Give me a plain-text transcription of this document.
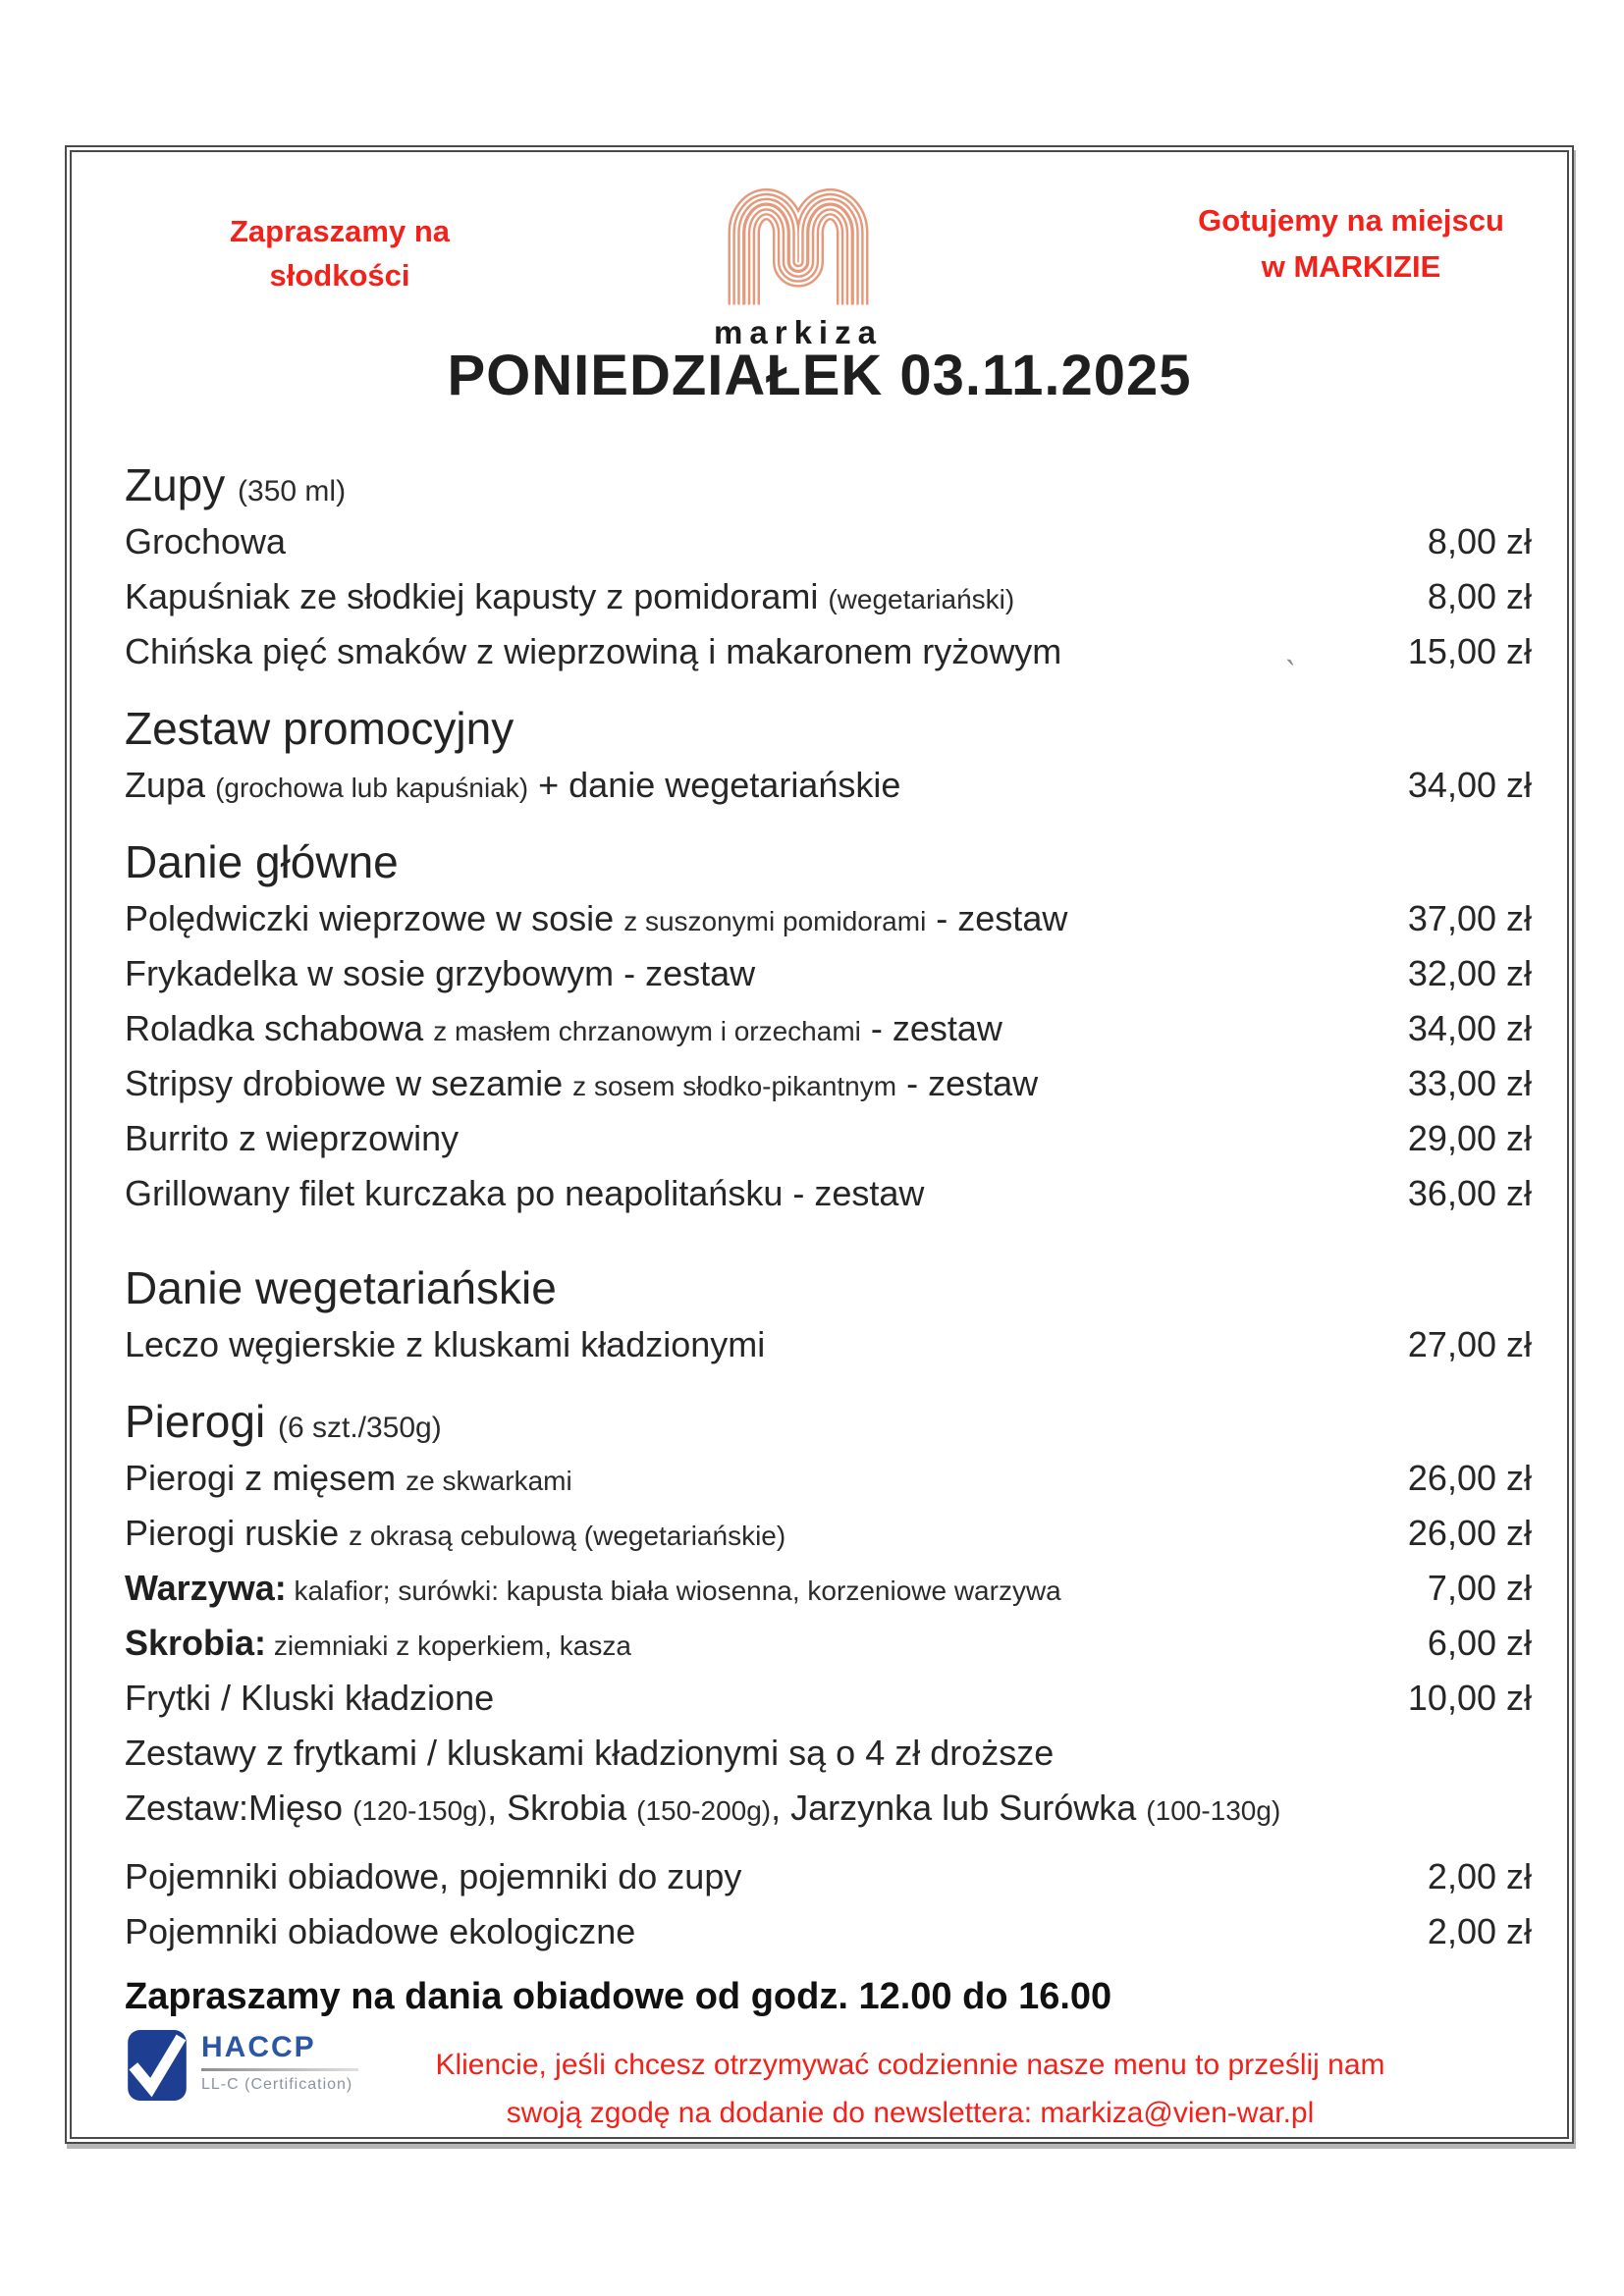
Zapraszamy na
słodkości
markiza
Gotujemy na miejscu
w MARKIZIE
PONIEDZIAŁEK 03.11.2025
`
Zupy (350 ml)
Grochowa	8,00 zł
Kapuśniak ze słodkiej kapusty z pomidorami (wegetariański)	8,00 zł
Chińska pięć smaków z wieprzowiną i makaronem ryżowym	15,00 zł
Zestaw promocyjny
Zupa (grochowa lub kapuśniak) + danie wegetariańskie	34,00 zł
Danie główne
Polędwiczki wieprzowe w sosie z suszonymi pomidorami - zestaw	37,00 zł
Frykadelka w sosie grzybowym - zestaw	32,00 zł
Roladka schabowa z masłem chrzanowym i orzechami - zestaw	34,00 zł
Stripsy drobiowe w sezamie z sosem słodko-pikantnym - zestaw	33,00 zł
Burrito z wieprzowiny	29,00 zł
Grillowany filet kurczaka po neapolitańsku - zestaw	36,00 zł
Danie wegetariańskie
Leczo węgierskie z kluskami kładzionymi	27,00 zł
Pierogi (6 szt./350g)
Pierogi z mięsem ze skwarkami	26,00 zł
Pierogi ruskie z okrasą cebulową (wegetariańskie)	26,00 zł
Warzywa: kalafior; surówki: kapusta biała wiosenna, korzeniowe warzywa	7,00 zł
Skrobia: ziemniaki z koperkiem, kasza	6,00 zł
Frytki / Kluski kładzione	10,00 zł
Zestawy z frytkami / kluskami kładzionymi są o 4 zł droższe
Zestaw:Mięso (120-150g), Skrobia (150-200g), Jarzynka lub Surówka (100-130g)
Pojemniki obiadowe, pojemniki do zupy	2,00 zł
Pojemniki obiadowe ekologiczne	2,00 zł
Zapraszamy na dania obiadowe od godz. 12.00 do 16.00
HACCP
LL-C (Certification)
Kliencie, jeśli chcesz otrzymywać codziennie nasze menu to prześlij nam
swoją zgodę na dodanie do newslettera: markiza@vien-war.pl
